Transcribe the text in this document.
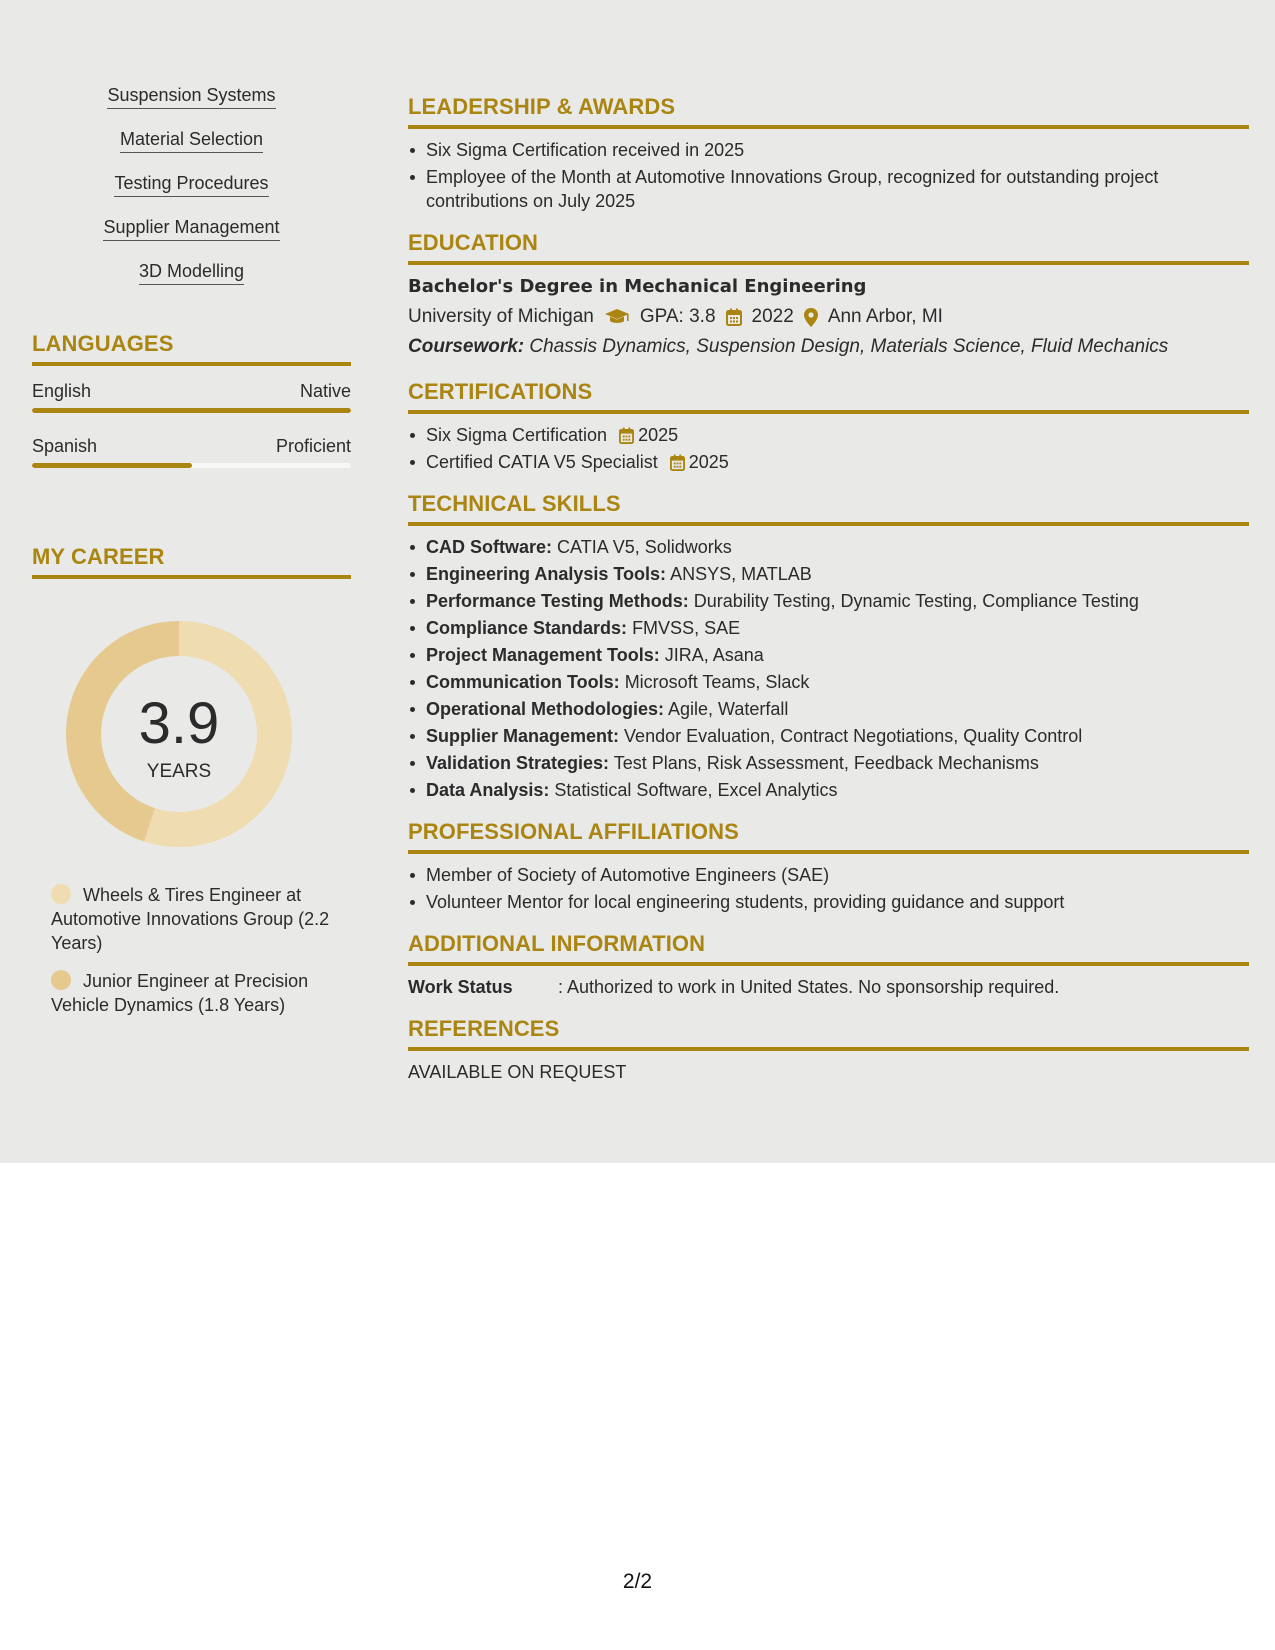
Suspension Systems
Material Selection
Testing Procedures
Supplier Management
3D Modelling
LANGUAGES
English	Native
Spanish	Proficient
MY CAREER
3.9
YEARS
Wheels & Tires Engineer at Automotive Innovations Group (2.2 Years)
Junior Engineer at Precision Vehicle Dynamics (1.8 Years)
LEADERSHIP & AWARDS
Six Sigma Certification received in 2025
Employee of the Month at Automotive Innovations Group, recognized for outstanding project contributions on July 2025
EDUCATION
Bachelor's Degree in Mechanical Engineering
University of Michigan GPA: 3.8 2022 Ann Arbor, MI
Coursework: Chassis Dynamics, Suspension Design, Materials Science, Fluid Mechanics
CERTIFICATIONS
Six Sigma Certification 2025
Certified CATIA V5 Specialist 2025
TECHNICAL SKILLS
CAD Software: CATIA V5, Solidworks
Engineering Analysis Tools: ANSYS, MATLAB
Performance Testing Methods: Durability Testing, Dynamic Testing, Compliance Testing
Compliance Standards: FMVSS, SAE
Project Management Tools: JIRA, Asana
Communication Tools: Microsoft Teams, Slack
Operational Methodologies: Agile, Waterfall
Supplier Management: Vendor Evaluation, Contract Negotiations, Quality Control
Validation Strategies: Test Plans, Risk Assessment, Feedback Mechanisms
Data Analysis: Statistical Software, Excel Analytics
PROFESSIONAL AFFILIATIONS
Member of Society of Automotive Engineers (SAE)
Volunteer Mentor for local engineering students, providing guidance and support
ADDITIONAL INFORMATION
Work Status	: Authorized to work in United States. No sponsorship required.
REFERENCES
AVAILABLE ON REQUEST
2/2
